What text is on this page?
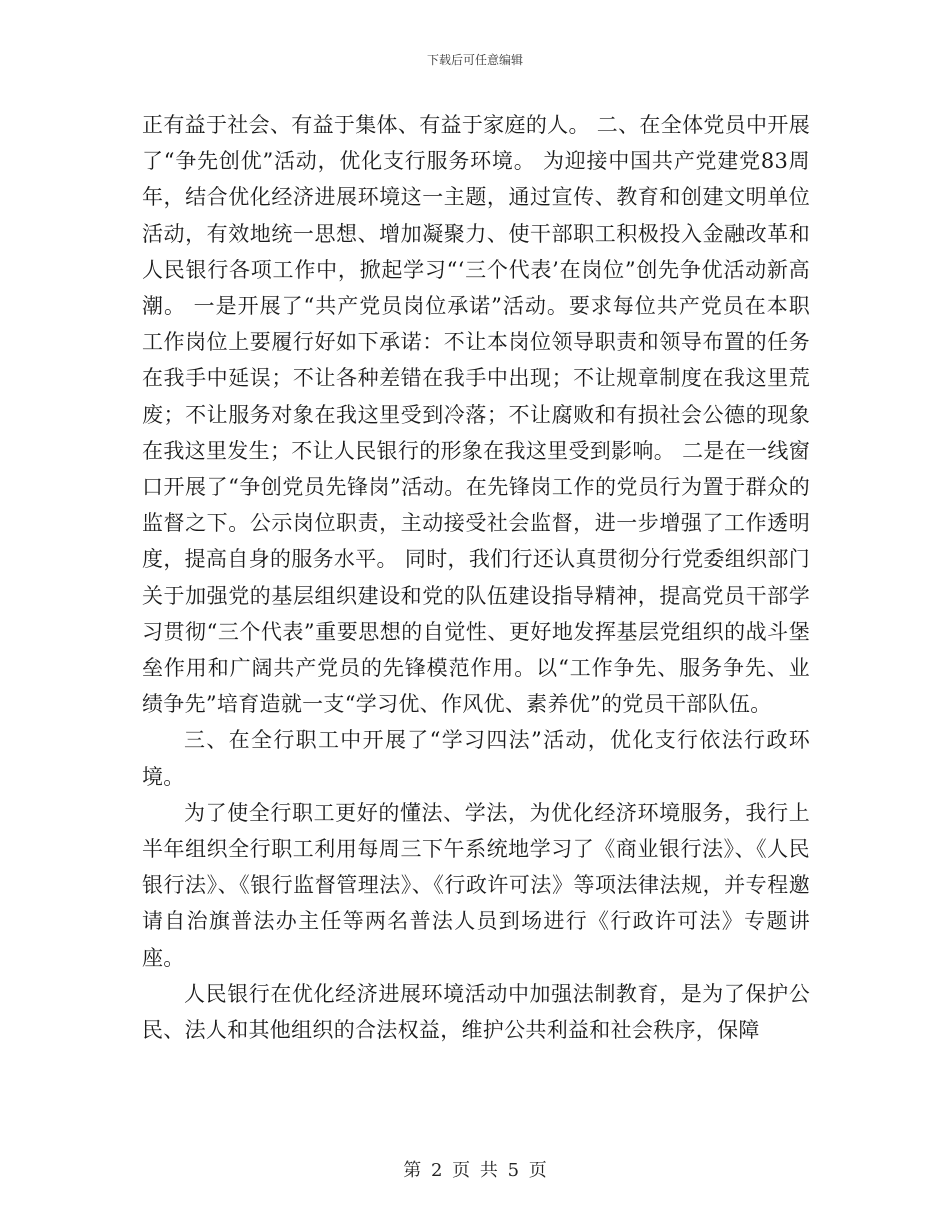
下载后可任意编辑

正有益于社会、有益于集体、有益于家庭的人。 二、在全体党员中开展了“争先创优”活动，优化支行服务环境。 为迎接中国共产党建党83周年，结合优化经济进展环境这一主题，通过宣传、教育和创建文明单位活动，有效地统一思想、增加凝聚力、使干部职工积极投入金融改革和人民银行各项工作中，掀起学习“‘三个代表’在岗位”创先争优活动新高潮。 一是开展了“共产党员岗位承诺”活动。要求每位共产党员在本职工作岗位上要履行好如下承诺：不让本岗位领导职责和领导布置的任务在我手中延误；不让各种差错在我手中出现；不让规章制度在我这里荒废；不让服务对象在我这里受到冷落；不让腐败和有损社会公德的现象在我这里发生；不让人民银行的形象在我这里受到影响。 二是在一线窗口开展了“争创党员先锋岗”活动。在先锋岗工作的党员行为置于群众的监督之下。公示岗位职责，主动接受社会监督，进一步增强了工作透明度，提高自身的服务水平。 同时，我们行还认真贯彻分行党委组织部门关于加强党的基层组织建设和党的队伍建设指导精神，提高党员干部学习贯彻“三个代表”重要思想的自觉性、更好地发挥基层党组织的战斗堡垒作用和广阔共产党员的先锋模范作用。以“工作争先、服务争先、业绩争先”培育造就一支“学习优、作风优、素养优”的党员干部队伍。

三、在全行职工中开展了“学习四法”活动，优化支行依法行政环境。

为了使全行职工更好的懂法、学法，为优化经济环境服务，我行上半年组织全行职工利用每周三下午系统地学习了《商业银行法》、《人民银行法》、《银行监督管理法》、《行政许可法》等项法律法规，并专程邀请自治旗普法办主任等两名普法人员到场进行《行政许可法》专题讲座。

人民银行在优化经济进展环境活动中加强法制教育，是为了保护公民、法人和其他组织的合法权益，维护公共利益和社会秩序，保障

第 2 页 共 5 页
